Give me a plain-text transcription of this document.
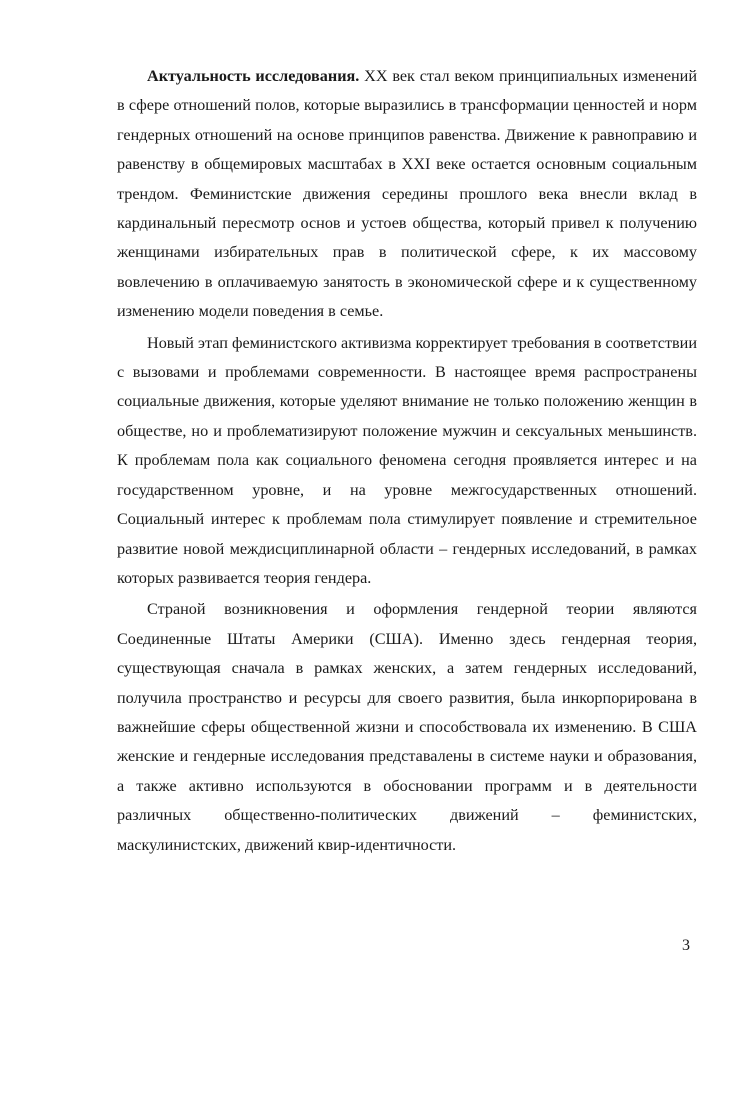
Актуальность исследования. XX век стал веком принципиальных изменений в сфере отношений полов, которые выразились в трансформации ценностей и норм гендерных отношений на основе принципов равенства. Движение к равноправию и равенству в общемировых масштабах в XXI веке остается основным социальным трендом. Феминистские движения середины прошлого века внесли вклад в кардинальный пересмотр основ и устоев общества, который привел к получению женщинами избирательных прав в политической сфере, к их массовому вовлечению в оплачиваемую занятость в экономической сфере и к существенному изменению модели поведения в семье.

Новый этап феминистского активизма корректирует требования в соответствии с вызовами и проблемами современности. В настоящее время распространены социальные движения, которые уделяют внимание не только положению женщин в обществе, но и проблематизируют положение мужчин и сексуальных меньшинств. К проблемам пола как социального феномена сегодня проявляется интерес и на государственном уровне, и на уровне межгосударственных отношений. Социальный интерес к проблемам пола стимулирует появление и стремительное развитие новой междисциплинарной области – гендерных исследований, в рамках которых развивается теория гендера.

Страной возникновения и оформления гендерной теории являются Соединенные Штаты Америки (США). Именно здесь гендерная теория, существующая сначала в рамках женских, а затем гендерных исследований, получила пространство и ресурсы для своего развития, была инкорпорирована в важнейшие сферы общественной жизни и способствовала их изменению. В США женские и гендерные исследования представалены в системе науки и образования, а также активно используются в обосновании программ и в деятельности различных общественно-политических движений – феминистских, маскулинистских, движений квир-идентичности.

3
